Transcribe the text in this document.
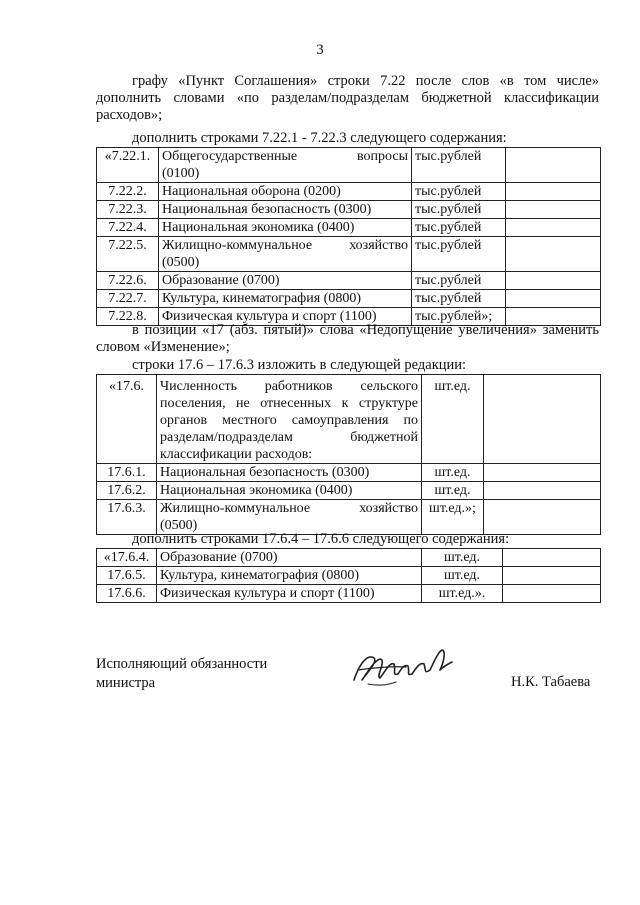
3
графу «Пункт Соглашения» строки 7.22 после слов «в том числе» дополнить словами «по разделам/подразделам бюджетной классификации расходов»;
дополнить строками 7.22.1 - 7.22.3 следующего содержания:
«7.22.1.	Общегосударственные вопросы
(0100)	тыс.рублей	
7.22.2.	Национальная оборона (0200)	тыс.рублей	
7.22.3.	Национальная безопасность (0300)	тыс.рублей	
7.22.4.	Национальная экономика (0400)	тыс.рублей	
7.22.5.	Жилищно-коммунальное хозяйство
(0500)	тыс.рублей	
7.22.6.	Образование (0700)	тыс.рублей	
7.22.7.	Культура, кинематография (0800)	тыс.рублей	
7.22.8.	Физическая культура и спорт (1100)	тыс.рублей»;	
в позиции «17 (абз. пятый)» слова «Недопущение увеличения» заменить словом «Изменение»;
строки 17.6 – 17.6.3 изложить в следующей редакции:
«17.6.	Численность работников сельского поселения, не отнесенных к структуре органов местного самоуправления по разделам/подразделам бюджетной классификации расходов:	шт.ед.	
17.6.1.	Национальная безопасность (0300)	шт.ед.	
17.6.2.	Национальная экономика (0400)	шт.ед.	
17.6.3.	Жилищно-коммунальное хозяйство
(0500)	шт.ед.»;	
дополнить строками 17.6.4 – 17.6.6 следующего содержания:
«17.6.4.	Образование (0700)	шт.ед.	
17.6.5.	Культура, кинематография (0800)	шт.ед.	
17.6.6.	Физическая культура и спорт (1100)	шт.ед.».	
Исполняющий обязанности
министра	Н.К. Табаева
